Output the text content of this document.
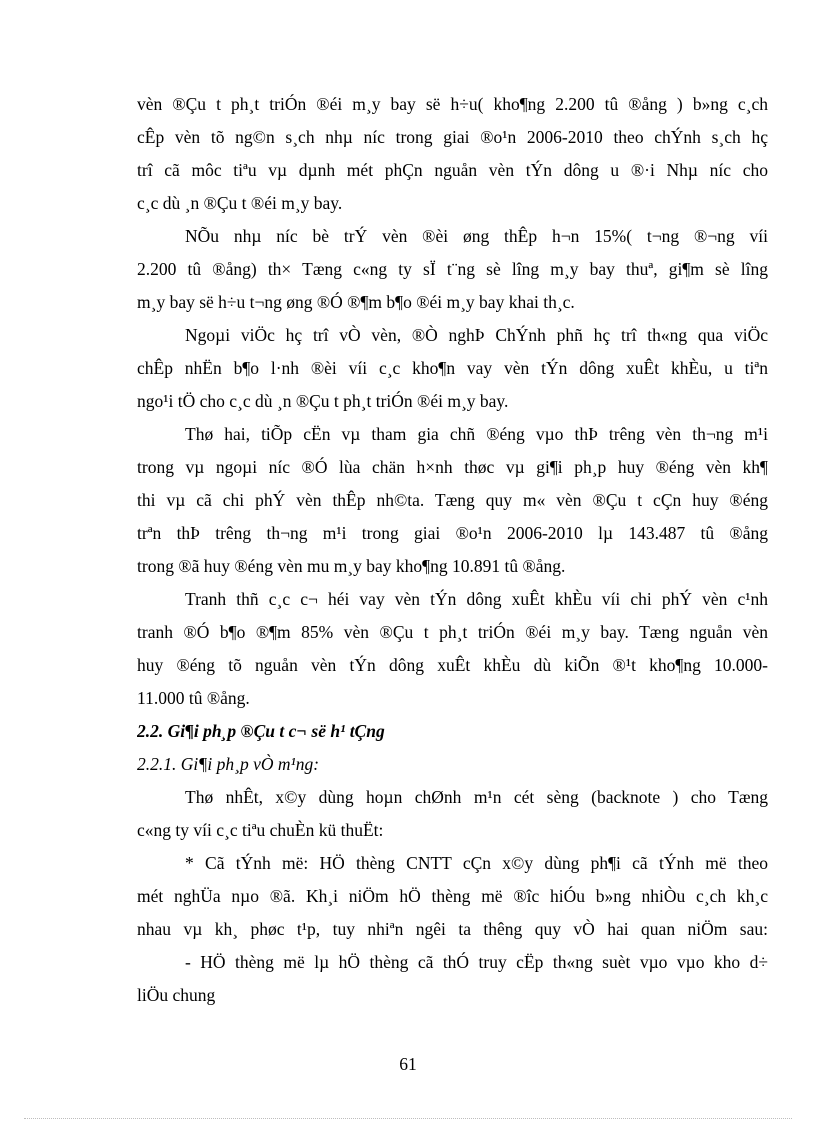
vèn ®Çu t ph¸t triÓn ®éi m¸y bay së h÷u( kho¶ng 2.200 tû ®ång ) b»ng c¸ch
cÊp vèn tõ ng©n s¸ch nhµ níc trong giai ®o¹n 2006-2010 theo chÝnh s¸ch hç
trî cã môc tiªu vµ dµnh mét phÇn nguån vèn tÝn dông u ®·i Nhµ níc cho
c¸c dù ¸n ®Çu t ®éi m¸y bay.
NÕu nhµ níc bè trÝ vèn ®èi øng thÊp h¬n 15%( t¬ng ®¬ng víi
2.200 tû ®ång) th× Tæng c«ng ty sÏ t¨ng sè lîng m¸y bay thuª, gi¶m sè lîng
m¸y bay së h÷u t¬ng øng ®Ó ®¶m b¶o ®éi m¸y bay khai th¸c.
Ngoµi viÖc hç trî vÒ vèn, ®Ò nghÞ ChÝnh phñ hç trî th«ng qua viÖc
chÊp nhËn b¶o l·nh ®èi víi c¸c kho¶n vay vèn tÝn dông xuÊt khÈu, u tiªn
ngo¹i tÖ cho c¸c dù ¸n ®Çu t ph¸t triÓn ®éi m¸y bay.
Thø hai, tiÕp cËn vµ tham gia chñ ®éng vµo thÞ trêng vèn th¬ng m¹i
trong vµ ngoµi níc ®Ó lùa chän h×nh thøc vµ gi¶i ph¸p huy ®éng vèn kh¶
thi vµ cã chi phÝ vèn thÊp nh©ta. Tæng quy m« vèn ®Çu t cÇn huy ®éng
trªn thÞ trêng th¬ng m¹i trong giai ®o¹n 2006-2010 lµ 143.487 tû ®ång
trong ®ã huy ®éng vèn mu m¸y bay kho¶ng 10.891 tû ®ång.
Tranh thñ c¸c c¬ héi vay vèn tÝn dông xuÊt khÈu víi chi phÝ vèn c¹nh
tranh ®Ó b¶o ®¶m 85% vèn ®Çu t ph¸t triÓn ®éi m¸y bay. Tæng nguån vèn
huy ®éng tõ nguån vèn tÝn dông xuÊt khÈu dù kiÕn ®¹t kho¶ng 10.000-
11.000 tû ®ång.
2.2. Gi¶i ph¸p ®Çu t c¬ së h¹ tÇng
2.2.1. Gi¶i ph¸p vÒ m¹ng:
Thø nhÊt, x©y dùng hoµn chØnh m¹n cét sèng (backnote ) cho Tæng
c«ng ty víi c¸c tiªu chuÈn kü thuËt:
* Cã tÝnh më: HÖ thèng CNTT cÇn x©y dùng ph¶i cã tÝnh më theo
mét nghÜa nµo ®ã. Kh¸i niÖm hÖ thèng më ®îc hiÓu b»ng nhiÒu c¸ch kh¸c
nhau vµ kh¸ phøc t¹p, tuy nhiªn ngêi ta thêng quy vÒ hai quan niÖm sau:
- HÖ thèng më lµ hÖ thèng cã thÓ truy cËp th«ng suèt vµo vµo kho d÷
liÖu chung
61
